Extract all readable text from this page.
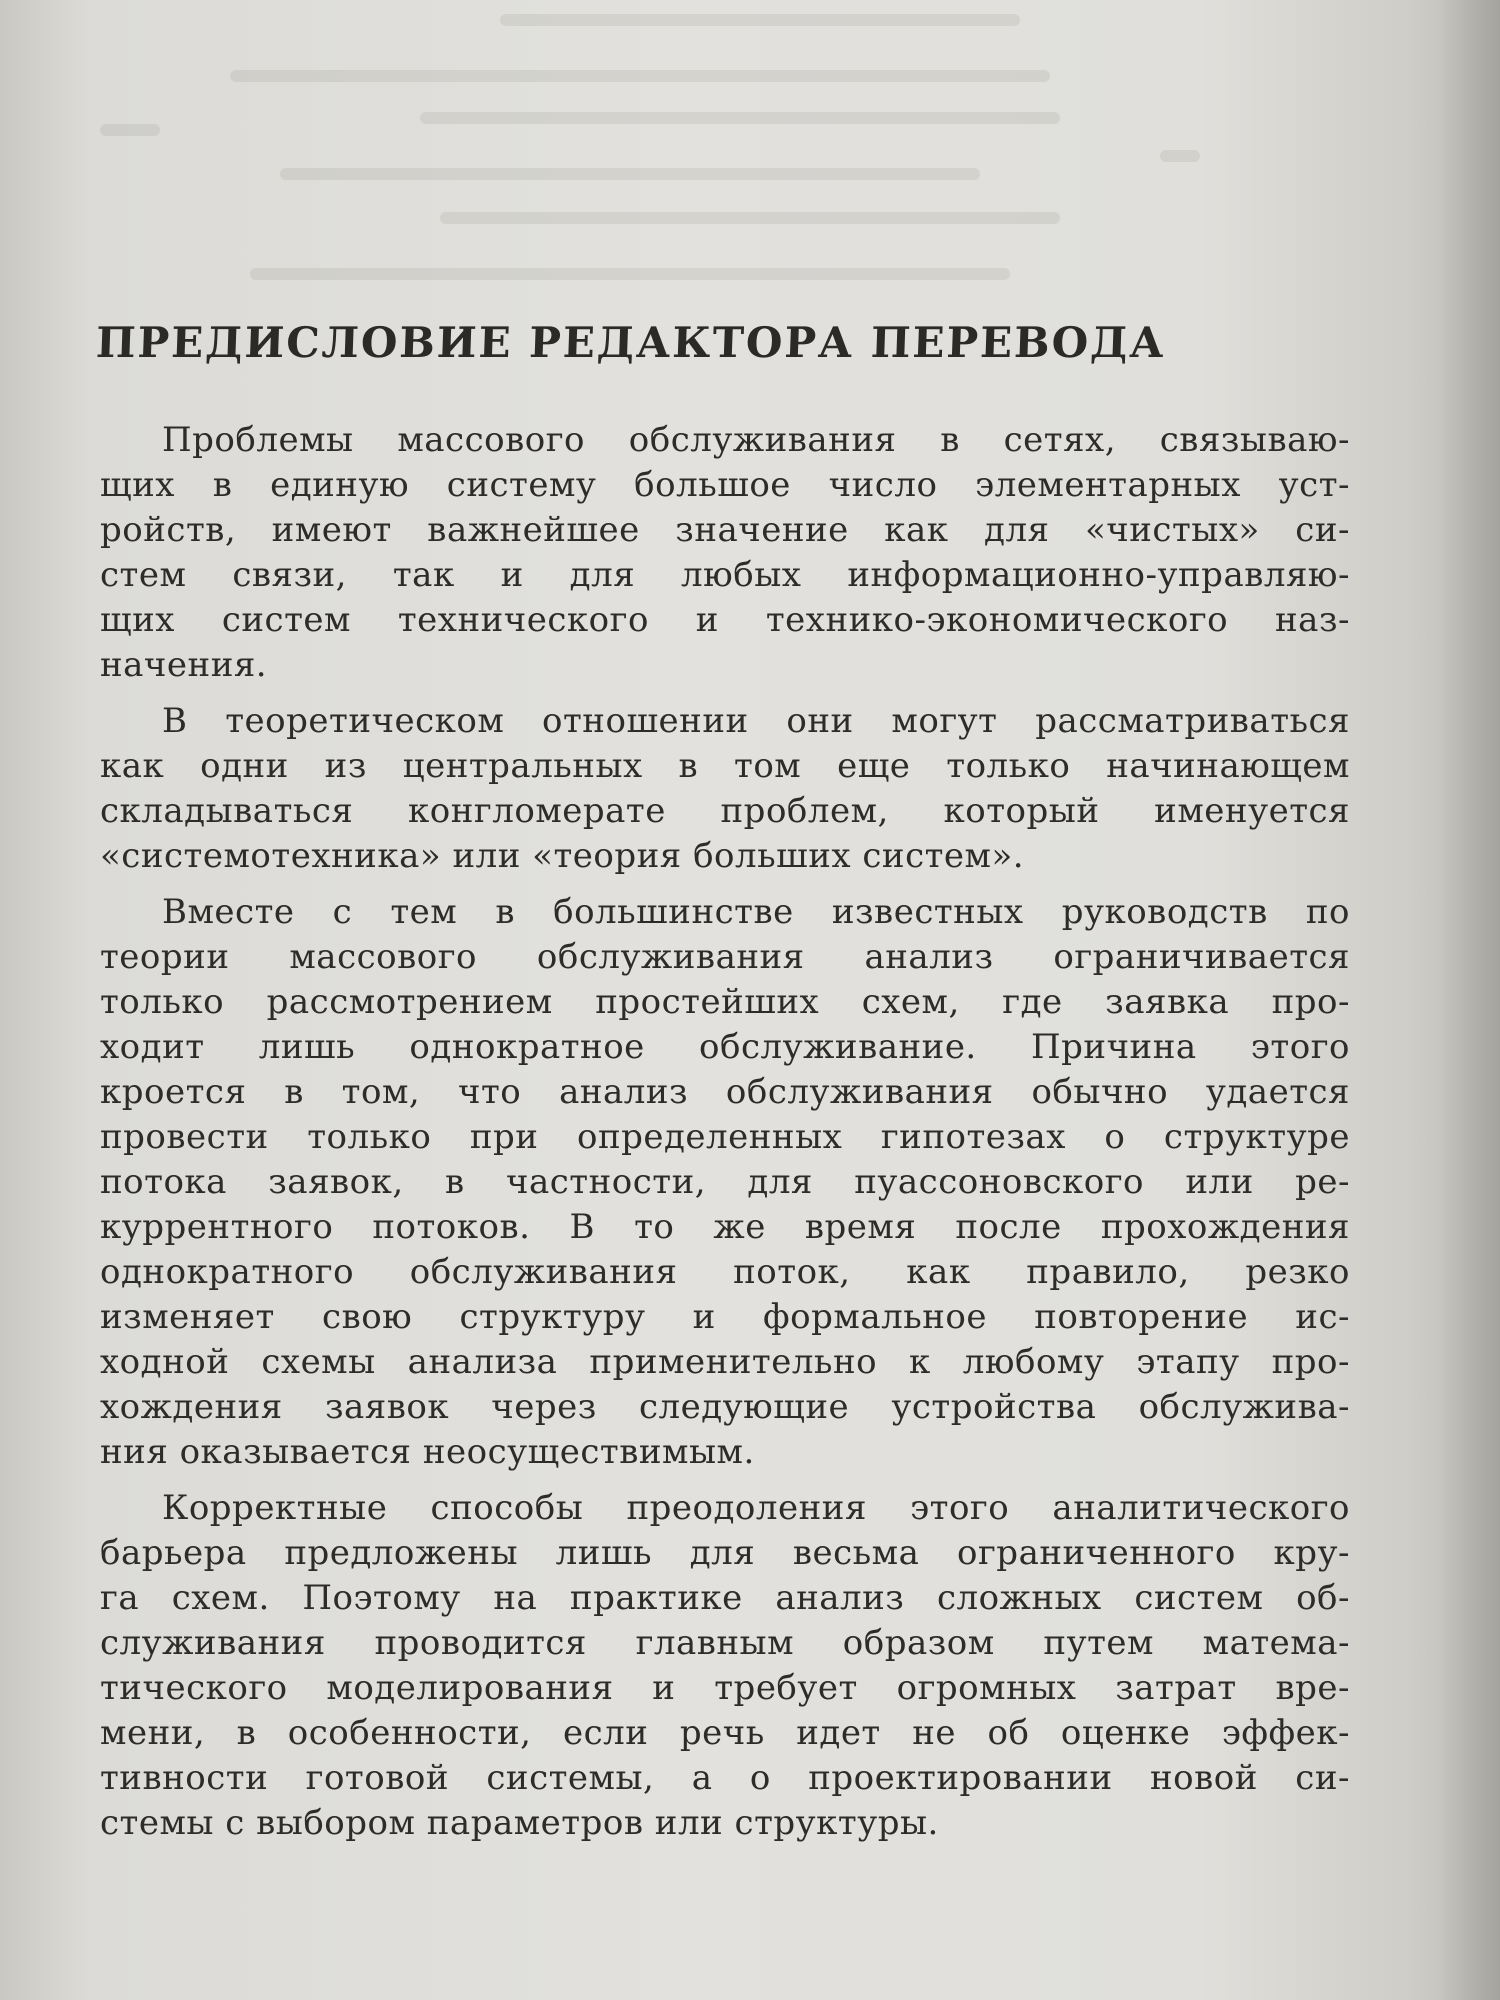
ПРЕДИСЛОВИЕ РЕДАКТОРА ПЕРЕВОДА

Проблемы массового обслуживания в сетях, связываю-
щих в единую систему большое число элементарных уст-
ройств, имеют важнейшее значение как для «чистых» си-
стем связи, так и для любых информационно-управляю-
щих систем технического и технико-экономического наз-
начения.

В теоретическом отношении они могут рассматриваться
как одни из центральных в том еще только начинающем
складываться конгломерате проблем, который именуется
«системотехника» или «теория больших систем».

Вместе с тем в большинстве известных руководств по
теории массового обслуживания анализ ограничивается
только рассмотрением простейших схем, где заявка про-
ходит лишь однократное обслуживание. Причина этого
кроется в том, что анализ обслуживания обычно удается
провести только при определенных гипотезах о структуре
потока заявок, в частности, для пуассоновского или ре-
куррентного потоков. В то же время после прохождения
однократного обслуживания поток, как правило, резко
изменяет свою структуру и формальное повторение ис-
ходной схемы анализа применительно к любому этапу про-
хождения заявок через следующие устройства обслужива-
ния оказывается неосуществимым.

Корректные способы преодоления этого аналитического
барьера предложены лишь для весьма ограниченного кру-
га схем. Поэтому на практике анализ сложных систем об-
служивания проводится главным образом путем матема-
тического моделирования и требует огромных затрат вре-
мени, в особенности, если речь идет не об оценке эффек-
тивности готовой системы, а о проектировании новой си-
стемы с выбором параметров или структуры.
